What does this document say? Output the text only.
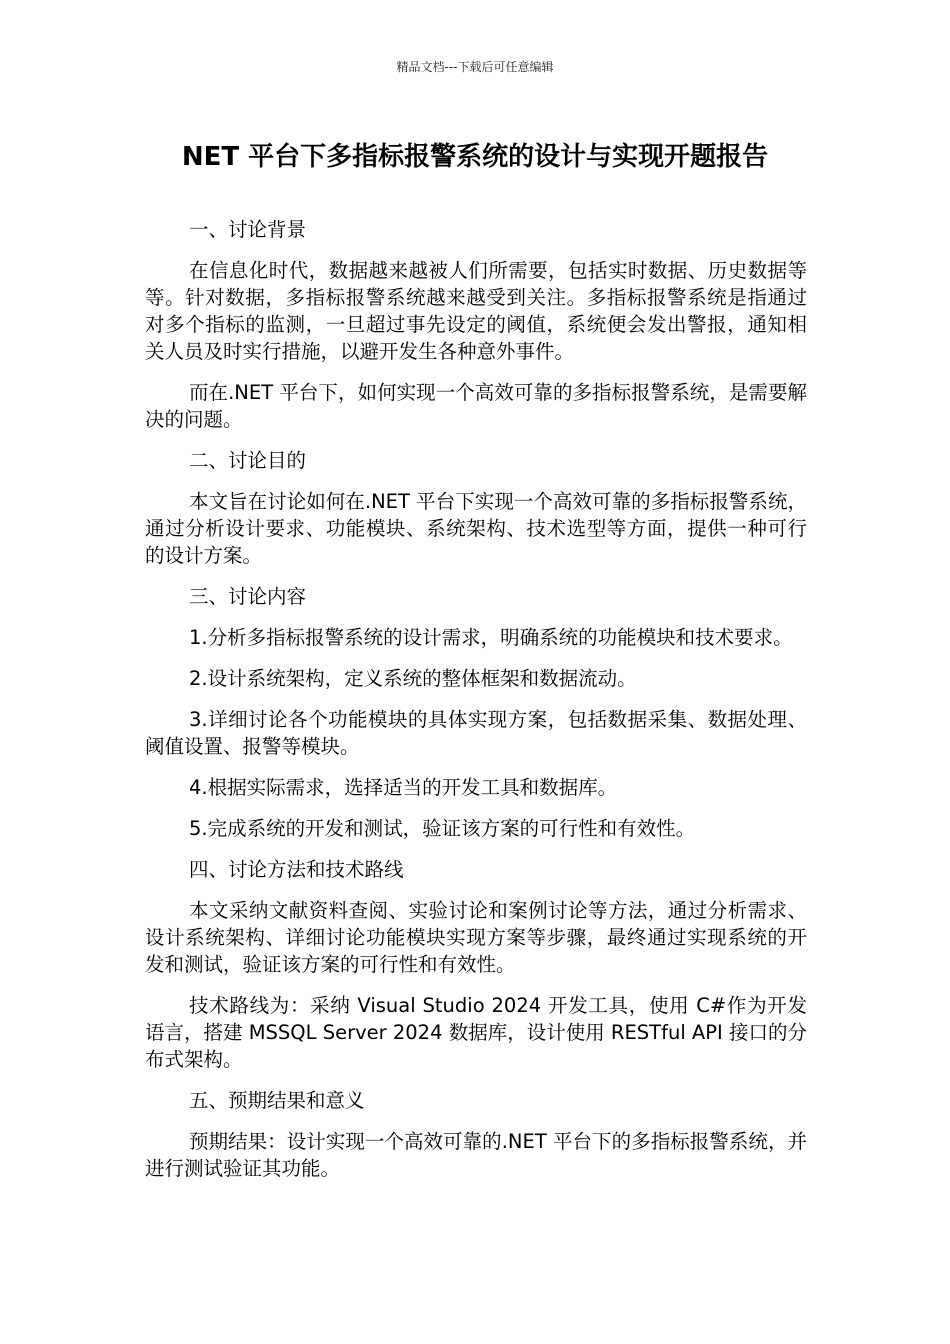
精品文档---下载后可任意编辑
NET 平台下多指标报警系统的设计与实现开题报告
一、讨论背景

在信息化时代，数据越来越被人们所需要，包括实时数据、历史数据等等。针对数据，多指标报警系统越来越受到关注。多指标报警系统是指通过对多个指标的监测，一旦超过事先设定的阈值，系统便会发出警报，通知相关人员及时实行措施，以避开发生各种意外事件。

而在.NET 平台下，如何实现一个高效可靠的多指标报警系统，是需要解决的问题。

二、讨论目的

本文旨在讨论如何在.NET 平台下实现一个高效可靠的多指标报警系统，通过分析设计要求、功能模块、系统架构、技术选型等方面，提供一种可行的设计方案。

三、讨论内容

1.分析多指标报警系统的设计需求，明确系统的功能模块和技术要求。

2.设计系统架构，定义系统的整体框架和数据流动。

3.详细讨论各个功能模块的具体实现方案，包括数据采集、数据处理、阈值设置、报警等模块。

4.根据实际需求，选择适当的开发工具和数据库。

5.完成系统的开发和测试，验证该方案的可行性和有效性。

四、讨论方法和技术路线

本文采纳文献资料查阅、实验讨论和案例讨论等方法，通过分析需求、设计系统架构、详细讨论功能模块实现方案等步骤，最终通过实现系统的开发和测试，验证该方案的可行性和有效性。

技术路线为：采纳 Visual Studio 2024 开发工具，使用 C#作为开发语言，搭建 MSSQL Server 2024 数据库，设计使用 RESTful API 接口的分布式架构。

五、预期结果和意义

预期结果：设计实现一个高效可靠的.NET 平台下的多指标报警系统，并进行测试验证其功能。
